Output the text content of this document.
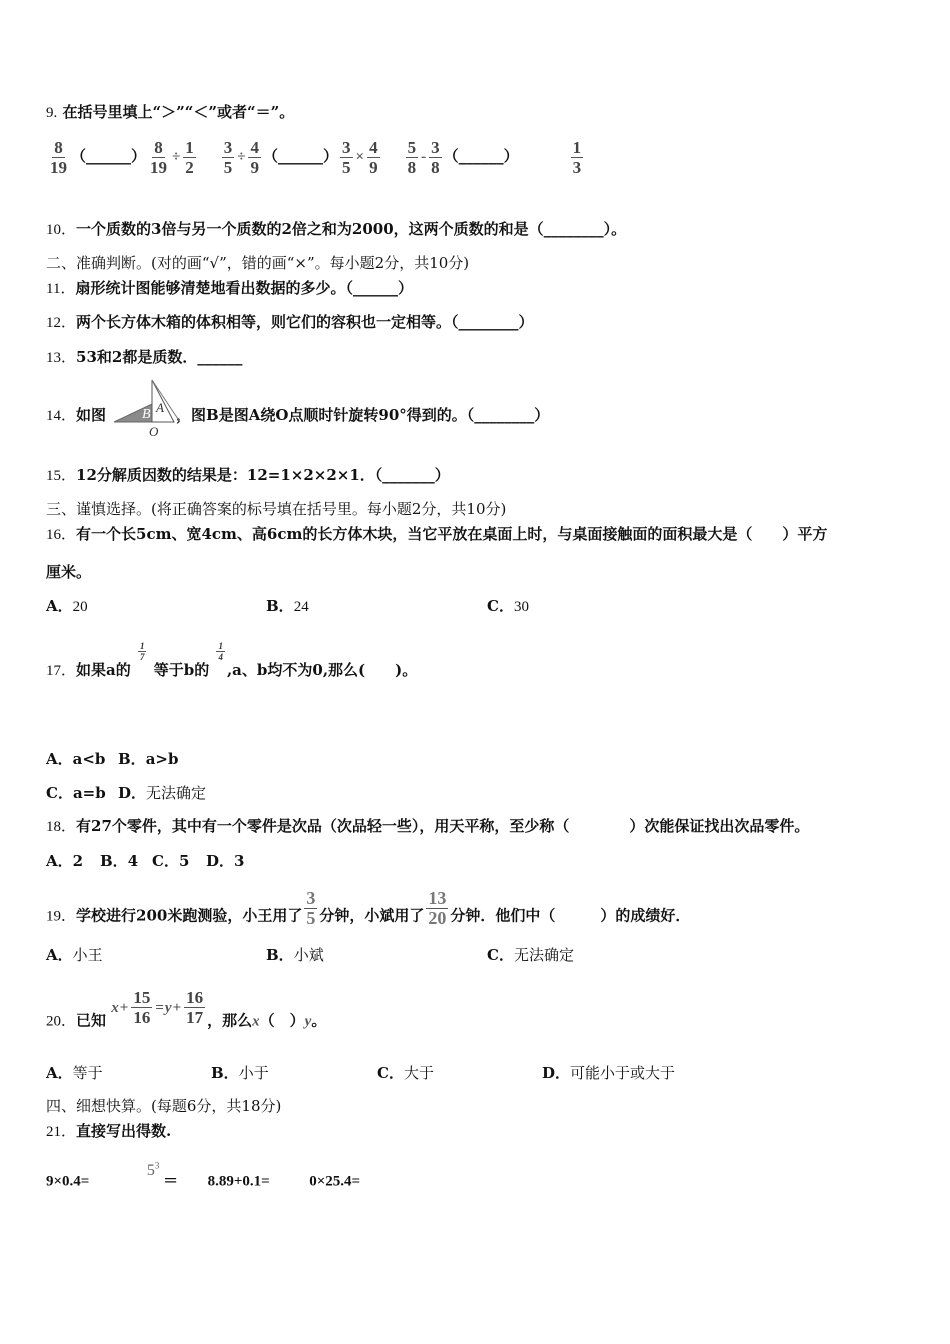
9. 在括号里填上“＞”“＜”或者“＝”。
$\frac{8}{19}$ （______） $\frac{8}{19} \div \frac{1}{2} \frac{3}{5} \div \frac{4}{9}$ （______） $\frac{3}{5} \times \frac{4}{9} \frac{5}{8} - \frac{3}{8}$ （______）	$\frac{1}{3}$
10．一个质数的3倍与另一个质数的2倍之和为2000，这两个质数的和是（________）。
二、准确判断。(对的画“√”，错的画“×”。每小题2分，共10分)
11．扇形统计图能够清楚地看出数据的多少。（______）
12．两个长方体木箱的体积相等，则它们的容积也一定相等。（________）
13．53和2都是质数．______
14．如图	，图B是图A绕O点顺时针旋转90°得到的。（________）
B A
O
15．12分解质因数的结果是：12=1×2×2×1．（_______）
三、谨慎选择。(将正确答案的标号填在括号里。每小题2分，共10分)
16．有一个长5cm、宽4cm、高6cm的长方体木块，当它平放在桌面上时，与桌面接触面的面积最大是（　　）平方
厘米。
A．20	B．24	C．30
17．如果a的
$\frac{1}{7}$
等于b的
$\frac{1}{4}$
,a、b均不为0,那么(　　)。
A．a<b B．a>b
C．a=b D．无法确定
18．有27个零件，其中有一个零件是次品（次品轻一些），用天平称，至少称（　　　　）次能保证找出次品零件。
A．2 B．4 C．5 D．3
19．学校进行200米跑测验，小王用了 $\frac{3}{5}$ 分钟，小斌用了 $\frac{13}{20}$ 分钟．他们中（　　　）的成绩好．
A．小王	B．小斌	C．无法确定
20．已知 $x+ \frac{15}{16} =y+ \frac{16}{17}$ ，那么x（　）y。
A．等于	B．小于	C．大于	D．可能小于或大于
四、细想快算。(每题6分，共18分)
21．直接写出得数.
$9\times 0.4= 5^3 = 8.89+0.1=$	0×25.4=
